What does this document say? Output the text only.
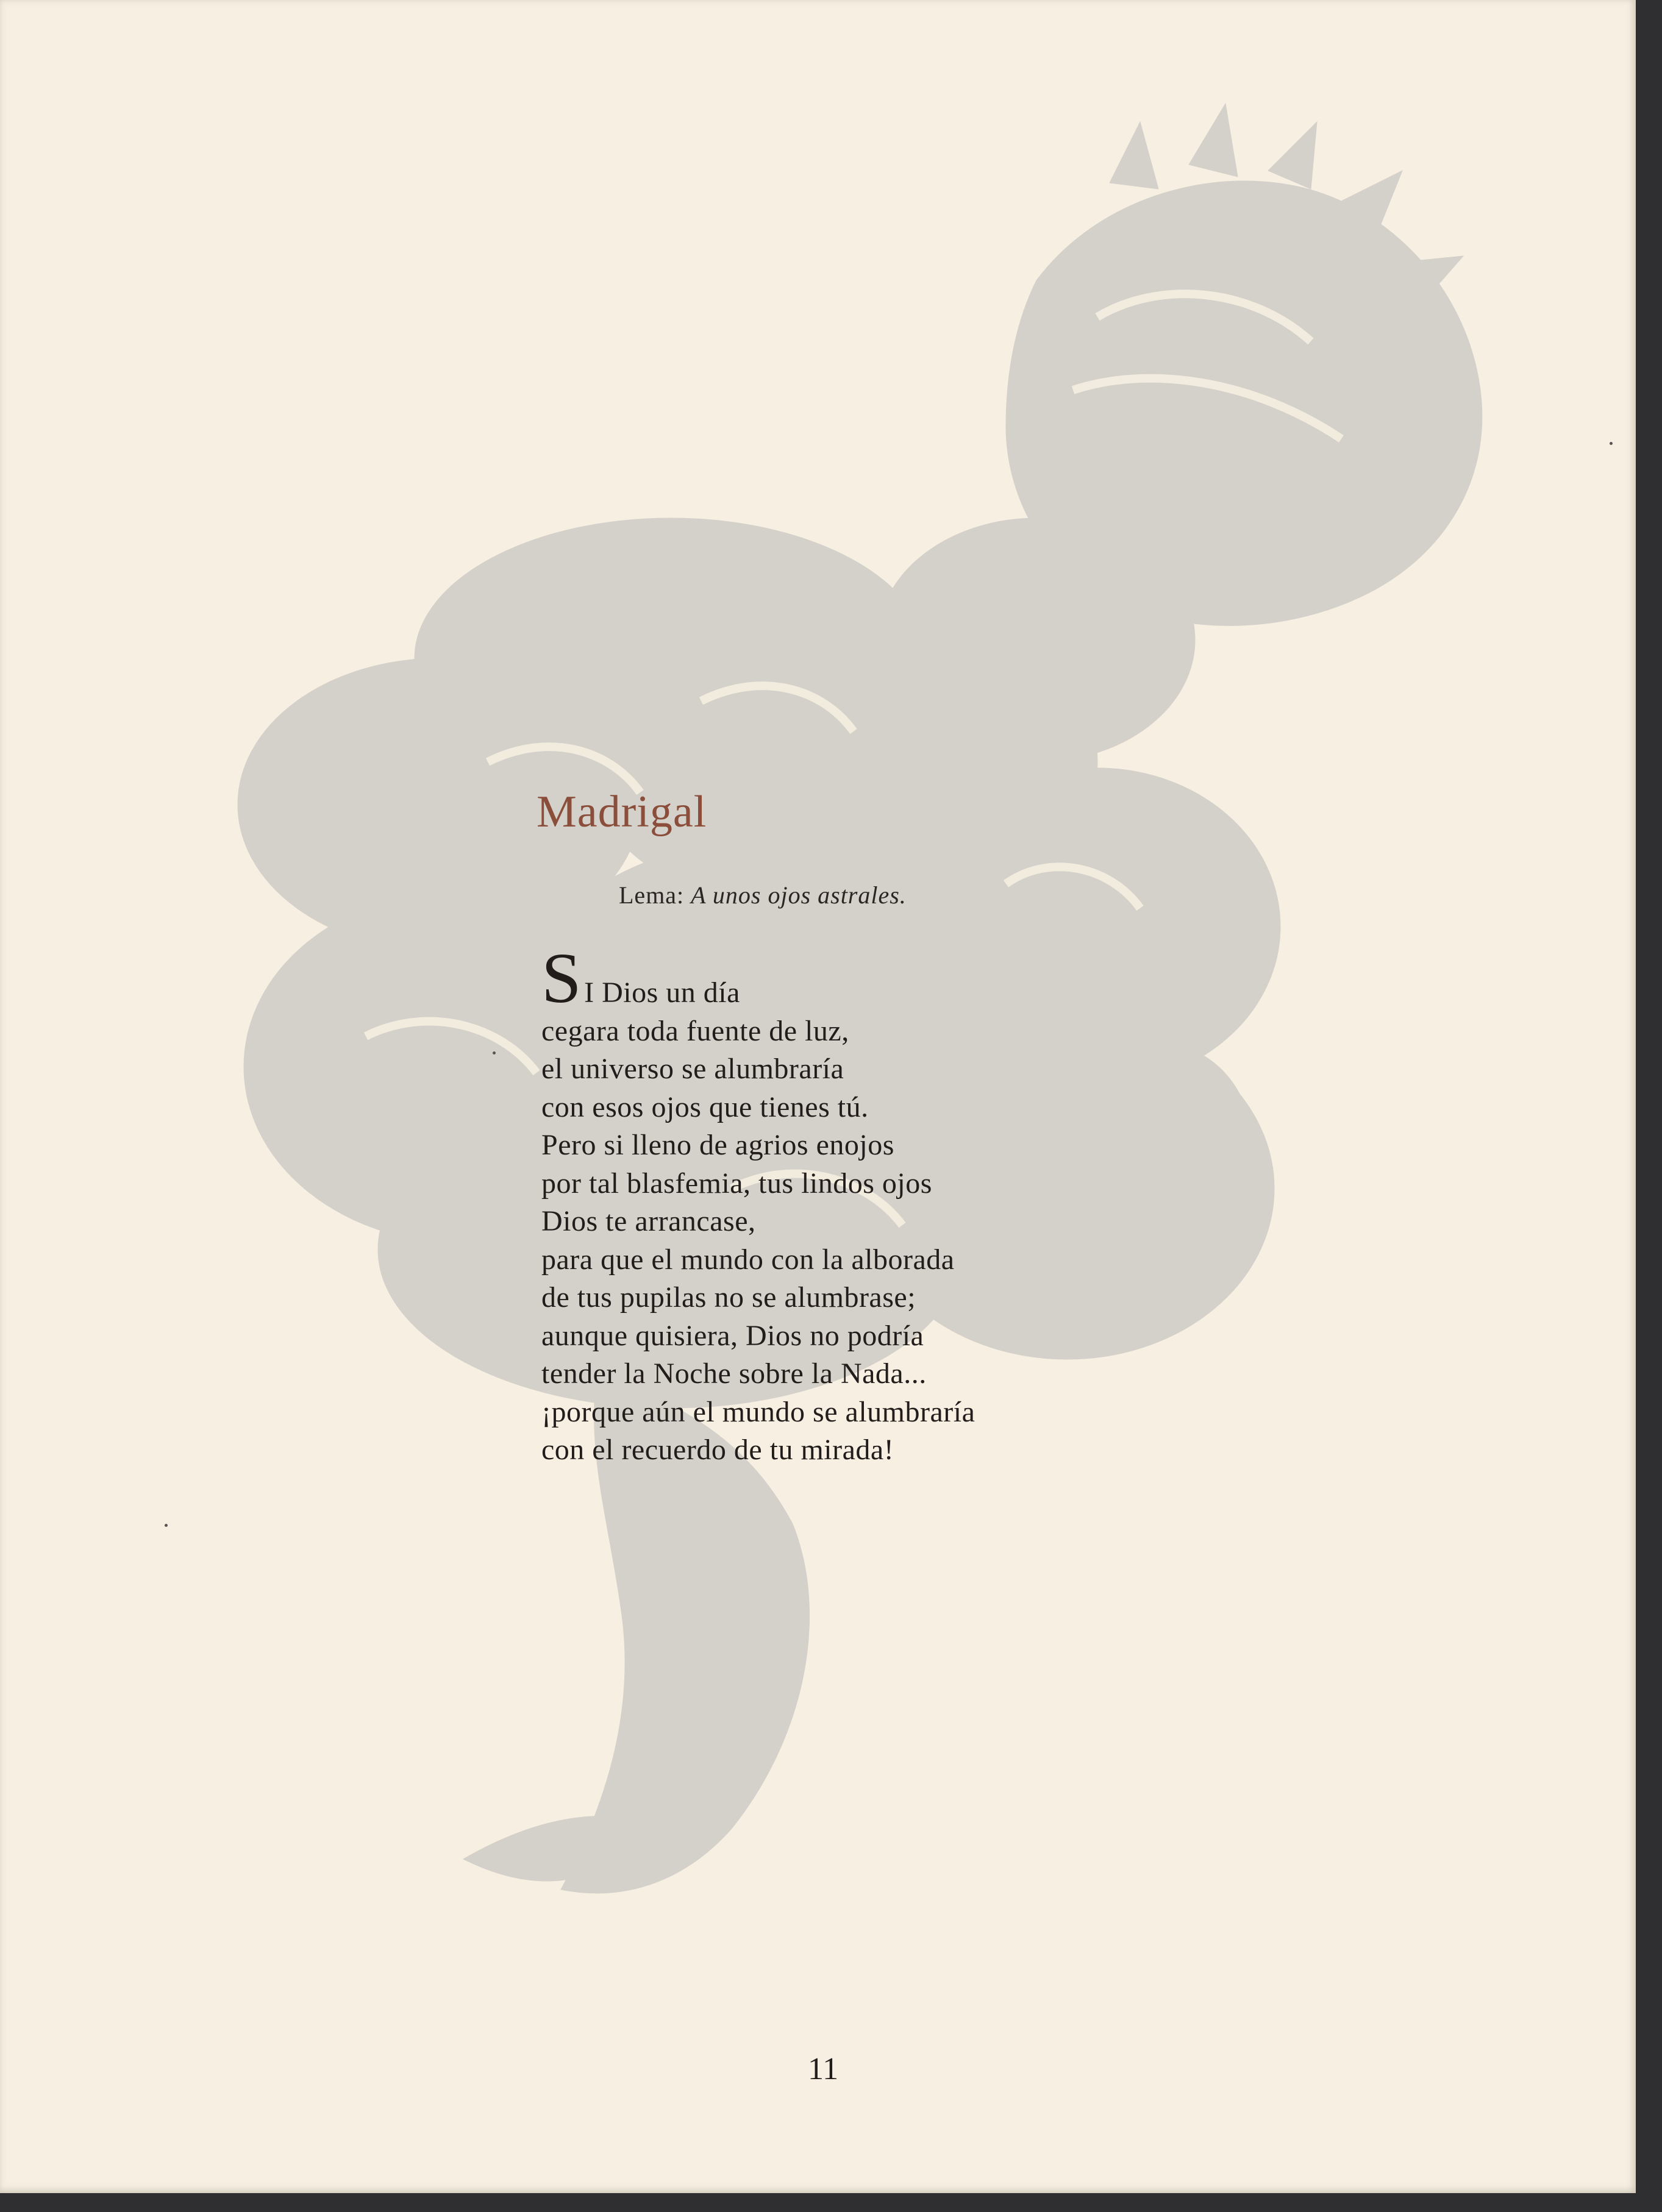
Madrigal
Lema: A unos ojos astrales.
SI Dios un día
cegara toda fuente de luz,
el universo se alumbraría
con esos ojos que tienes tú.
Pero si lleno de agrios enojos
por tal blasfemia, tus lindos ojos
Dios te arrancase,
para que el mundo con la alborada
de tus pupilas no se alumbrase;
aunque quisiera, Dios no podría
tender la Noche sobre la Nada...
¡porque aún el mundo se alumbraría
con el recuerdo de tu mirada!
11
